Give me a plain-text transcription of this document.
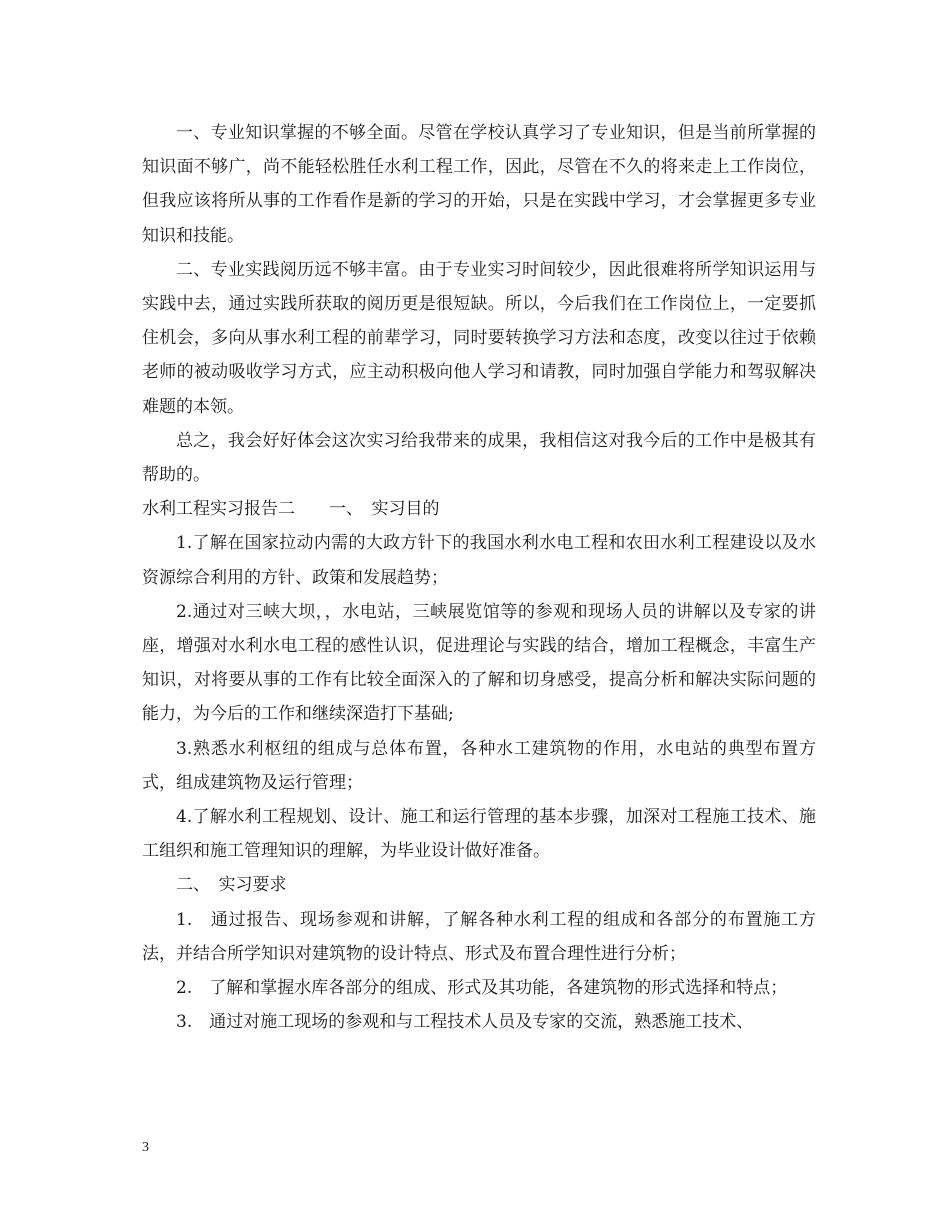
一、专业知识掌握的不够全面。尽管在学校认真学习了专业知识，但是当前所掌握的知识面不够广，尚不能轻松胜任水利工程工作，因此，尽管在不久的将来走上工作岗位，但我应该将所从事的工作看作是新的学习的开始，只是在实践中学习，才会掌握更多专业知识和技能。

二、专业实践阅历远不够丰富。由于专业实习时间较少，因此很难将所学知识运用与实践中去，通过实践所获取的阅历更是很短缺。所以，今后我们在工作岗位上，一定要抓住机会，多向从事水利工程的前辈学习，同时要转换学习方法和态度，改变以往过于依赖老师的被动吸收学习方式，应主动积极向他人学习和请教，同时加强自学能力和驾驭解决难题的本领。

总之，我会好好体会这次实习给我带来的成果，我相信这对我今后的工作中是极其有帮助的。

水利工程实习报告二　　一、　实习目的

1.了解在国家拉动内需的大政方针下的我国水利水电工程和农田水利工程建设以及水资源综合利用的方针、政策和发展趋势；

2.通过对三峡大坝，，水电站，三峡展览馆等的参观和现场人员的讲解以及专家的讲座，增强对水利水电工程的感性认识，促进理论与实践的结合，增加工程概念，丰富生产知识，对将要从事的工作有比较全面深入的了解和切身感受，提高分析和解决实际问题的能力，为今后的工作和继续深造打下基础;

3.熟悉水利枢纽的组成与总体布置，各种水工建筑物的作用，水电站的典型布置方式，组成建筑物及运行管理；

4.了解水利工程规划、设计、施工和运行管理的基本步骤，加深对工程施工技术、施工组织和施工管理知识的理解，为毕业设计做好准备。

二、　实习要求

1.　通过报告、现场参观和讲解，了解各种水利工程的组成和各部分的布置施工方法，并结合所学知识对建筑物的设计特点、形式及布置合理性进行分析；

2.　了解和掌握水库各部分的组成、形式及其功能，各建筑物的形式选择和特点；

3.　通过对施工现场的参观和与工程技术人员及专家的交流，熟悉施工技术、

3
